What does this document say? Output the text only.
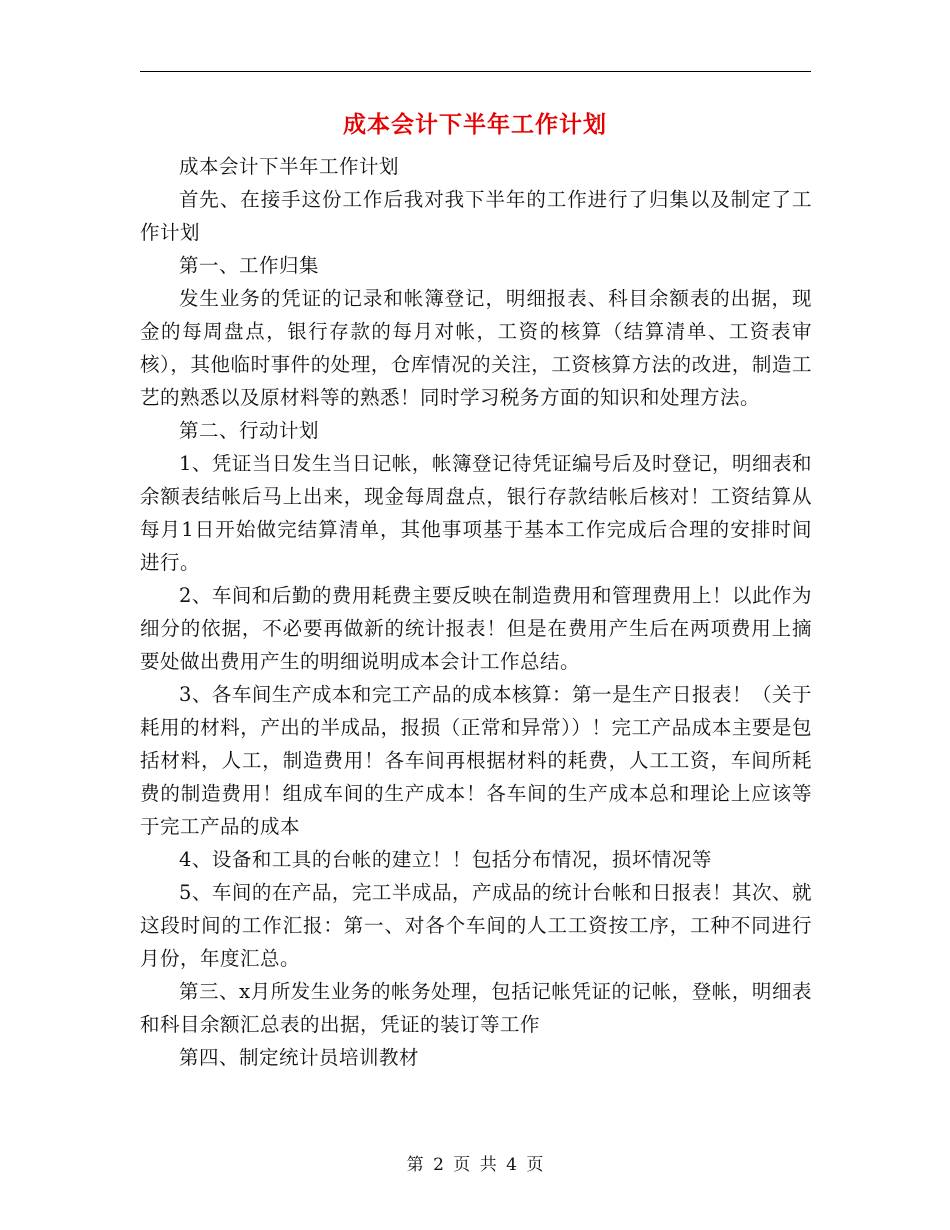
成本会计下半年工作计划

成本会计下半年工作计划

首先、在接手这份工作后我对我下半年的工作进行了归集以及制定了工作计划

第一、工作归集

发生业务的凭证的记录和帐簿登记，明细报表、科目余额表的出据，现金的每周盘点，银行存款的每月对帐，工资的核算（结算清单、工资表审核），其他临时事件的处理，仓库情况的关注，工资核算方法的改进，制造工艺的熟悉以及原材料等的熟悉！同时学习税务方面的知识和处理方法。

第二、行动计划

1、凭证当日发生当日记帐，帐簿登记待凭证编号后及时登记，明细表和余额表结帐后马上出来，现金每周盘点，银行存款结帐后核对！工资结算从每月1日开始做完结算清单，其他事项基于基本工作完成后合理的安排时间进行。

2、车间和后勤的费用耗费主要反映在制造费用和管理费用上！以此作为细分的依据，不必要再做新的统计报表！但是在费用产生后在两项费用上摘要处做出费用产生的明细说明成本会计工作总结。

3、各车间生产成本和完工产品的成本核算：第一是生产日报表！（关于耗用的材料，产出的半成品，报损（正常和异常））！完工产品成本主要是包括材料，人工，制造费用！各车间再根据材料的耗费，人工工资，车间所耗费的制造费用！组成车间的生产成本！各车间的生产成本总和理论上应该等于完工产品的成本

4、设备和工具的台帐的建立！！包括分布情况，损坏情况等

5、车间的在产品，完工半成品，产成品的统计台帐和日报表！其次、就这段时间的工作汇报：第一、对各个车间的人工工资按工序，工种不同进行月份，年度汇总。

第三、x月所发生业务的帐务处理，包括记帐凭证的记帐，登帐，明细表和科目余额汇总表的出据，凭证的装订等工作

第四、制定统计员培训教材

第 2 页 共 4 页
